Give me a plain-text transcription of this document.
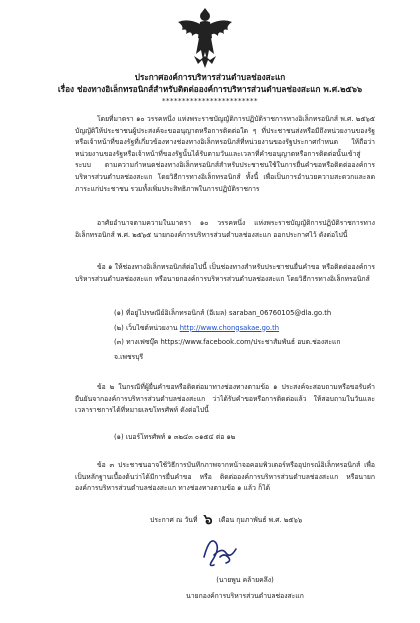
ประกาศองค์การบริหารส่วนตำบลช่องสะแก
เรื่อง ช่องทางอิเล็กทรอนิกส์สำหรับติดต่อองค์การบริหารส่วนตำบลช่องสะแก พ.ศ.๒๕๖๖
************************
โดยที่มาตรา ๑๐ วรรคหนึ่ง แห่งพระราชบัญญัติการปฏิบัติราชการทางอิเล็กทรอนิกส์ พ.ศ. ๒๕๖๕ บัญญัติให้ประชาชนผู้ประสงค์จะขออนุญาตหรือการติดต่อใด ๆ ที่ประชาชนส่งหรือมีถึงหน่วยงานของรัฐหรือเจ้าหน้าที่ของรัฐที่เกี่ยวข้องทางช่องทางอิเล็กทรอนิกส์ที่หน่วยงานของรัฐประกาศกำหนด ให้ถือว่าหน่วยงานของรัฐหรือเจ้าหน้าที่ของรัฐนั้นได้รับตามวันและเวลาที่คำขอนุญาตหรือการติดต่อนั้นเข้าสู่ระบบ ตามความกำหนดช่องทางอิเล็กทรอนิกส์สำหรับประชาชนใช้ในการยื่นคำขอหรือติดต่อองค์การบริหารส่วนตำบลช่องสะแก โดยวิธีการทางอิเล็กทรอนิกส์ ทั้งนี้ เพื่อเป็นการอำนวยความสะดวกและลดภาระแก่ประชาชน รวมทั้งเพิ่มประสิทธิภาพในการปฏิบัติราชการ
อาศัยอำนาจตามความในมาตรา ๑๐ วรรคหนึ่ง แห่งพระราชบัญญัติการปฏิบัติราชการทางอิเล็กทรอนิกส์ พ.ศ. ๒๕๖๕ นายกองค์การบริหารส่วนตำบลช่องสะแก ออกประกาศไว้ ดังต่อไปนี้
ข้อ ๑ ให้ช่องทางอิเล็กทรอนิกส์ต่อไปนี้ เป็นช่องทางสำหรับประชาชนยื่นคำขอ หรือติดต่อองค์การบริหารส่วนตำบลช่องสะแก หรือนายกองค์การบริหารส่วนตำบลช่องสะแก โดยวิธีการทางอิเล็กทรอนิกส์
(๑) ที่อยู่ไปรษณีย์อิเล็กทรอนิกส์ (อีเมล) saraban_06760105@dla.go.th
(๒) เว็บไซต์หน่วยงาน http://www.chongsakae.go.th
(๓) ทางเฟซบุ๊ค https://www.facebook.com/ประชาสัมพันธ์ อบต.ช่องสะแก
จ.เพชรบุรี
ข้อ ๒ ในกรณีที่ผู้ยื่นคำขอหรือติดต่อมาทางช่องทางตามข้อ ๑ ประสงค์จะสอบถามหรือขอรับคำยืนยันจากองค์การบริหารส่วนตำบลช่องสะแก ว่าได้รับคำขอหรือการติดต่อแล้ว ให้สอบถามในวันและเวลาราชการได้ที่หมายเลขโทรศัพท์ ดังต่อไปนี้
(๑) เบอร์โทรศัพท์ ๑ ๓๒๔๓ ๐๑๕๔ ต่อ ๑๒
ข้อ ๓ ประชาชนอาจใช้วิธีการบันทึกภาพจากหน้าจอคอมพิวเตอร์หรืออุปกรณ์อิเล็กทรอนิกส์ เพื่อเป็นหลักฐานเบื้องต้นว่าได้มีการยื่นคำขอ หรือ ติดต่อองค์การบริหารส่วนตำบลช่องสะแก หรือนายกองค์การบริหารส่วนตำบลช่องสะแก ทางช่องทางตามข้อ ๑ แล้ว ก็ได้
ประกาศ ณ วันที่ ๖ เดือน กุมภาพันธ์ พ.ศ. ๒๕๖๖
(นายพูน คล้ายคลึง)
นายกองค์การบริหารส่วนตำบลช่องสะแก
